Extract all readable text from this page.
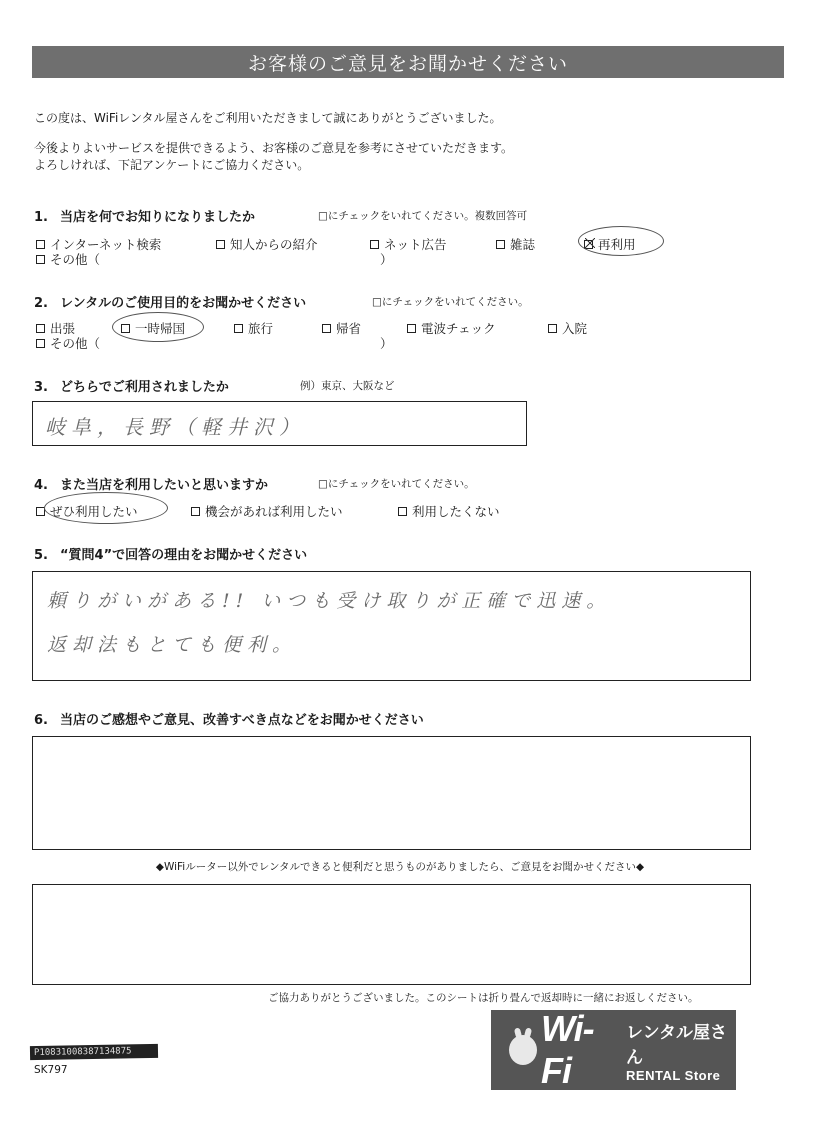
お客様のご意見をお聞かせください
この度は、WiFiレンタル屋さんをご利用いただきまして誠にありがとうございました。
今後よりよいサービスを提供できるよう、お客様のご意見を参考にさせていただきます。
よろしければ、下記アンケートにご協力ください。
1. 当店を何でお知りになりましたか	□にチェックをいれてください。複数回答可
インターネット検索	知人からの紹介	ネット広告	雑誌	再利用
その他（	）
2. レンタルのご使用目的をお聞かせください	□にチェックをいれてください。
出張	一時帰国	旅行	帰省	電波チェック	入院
その他（	）
3. どちらでご利用されましたか	例）東京、大阪など
岐阜，長野（軽井沢）
4. また当店を利用したいと思いますか	□にチェックをいれてください。
ぜひ利用したい	機会があれば利用したい	利用したくない
5. “質問4”で回答の理由をお聞かせください
頼りがいがある!! いつも受け取りが正確で迅速。
返却法もとても便利。
6. 当店のご感想やご意見、改善すべき点などをお聞かせください
◆WiFiルーター以外でレンタルできると便利だと思うものがありましたら、ご意見をお聞かせください◆
ご協力ありがとうございました。このシートは折り畳んで返却時に一緒にお返しください。
P10831008387134875
SK797
Wi-Fi
レンタル屋さん
RENTAL Store
